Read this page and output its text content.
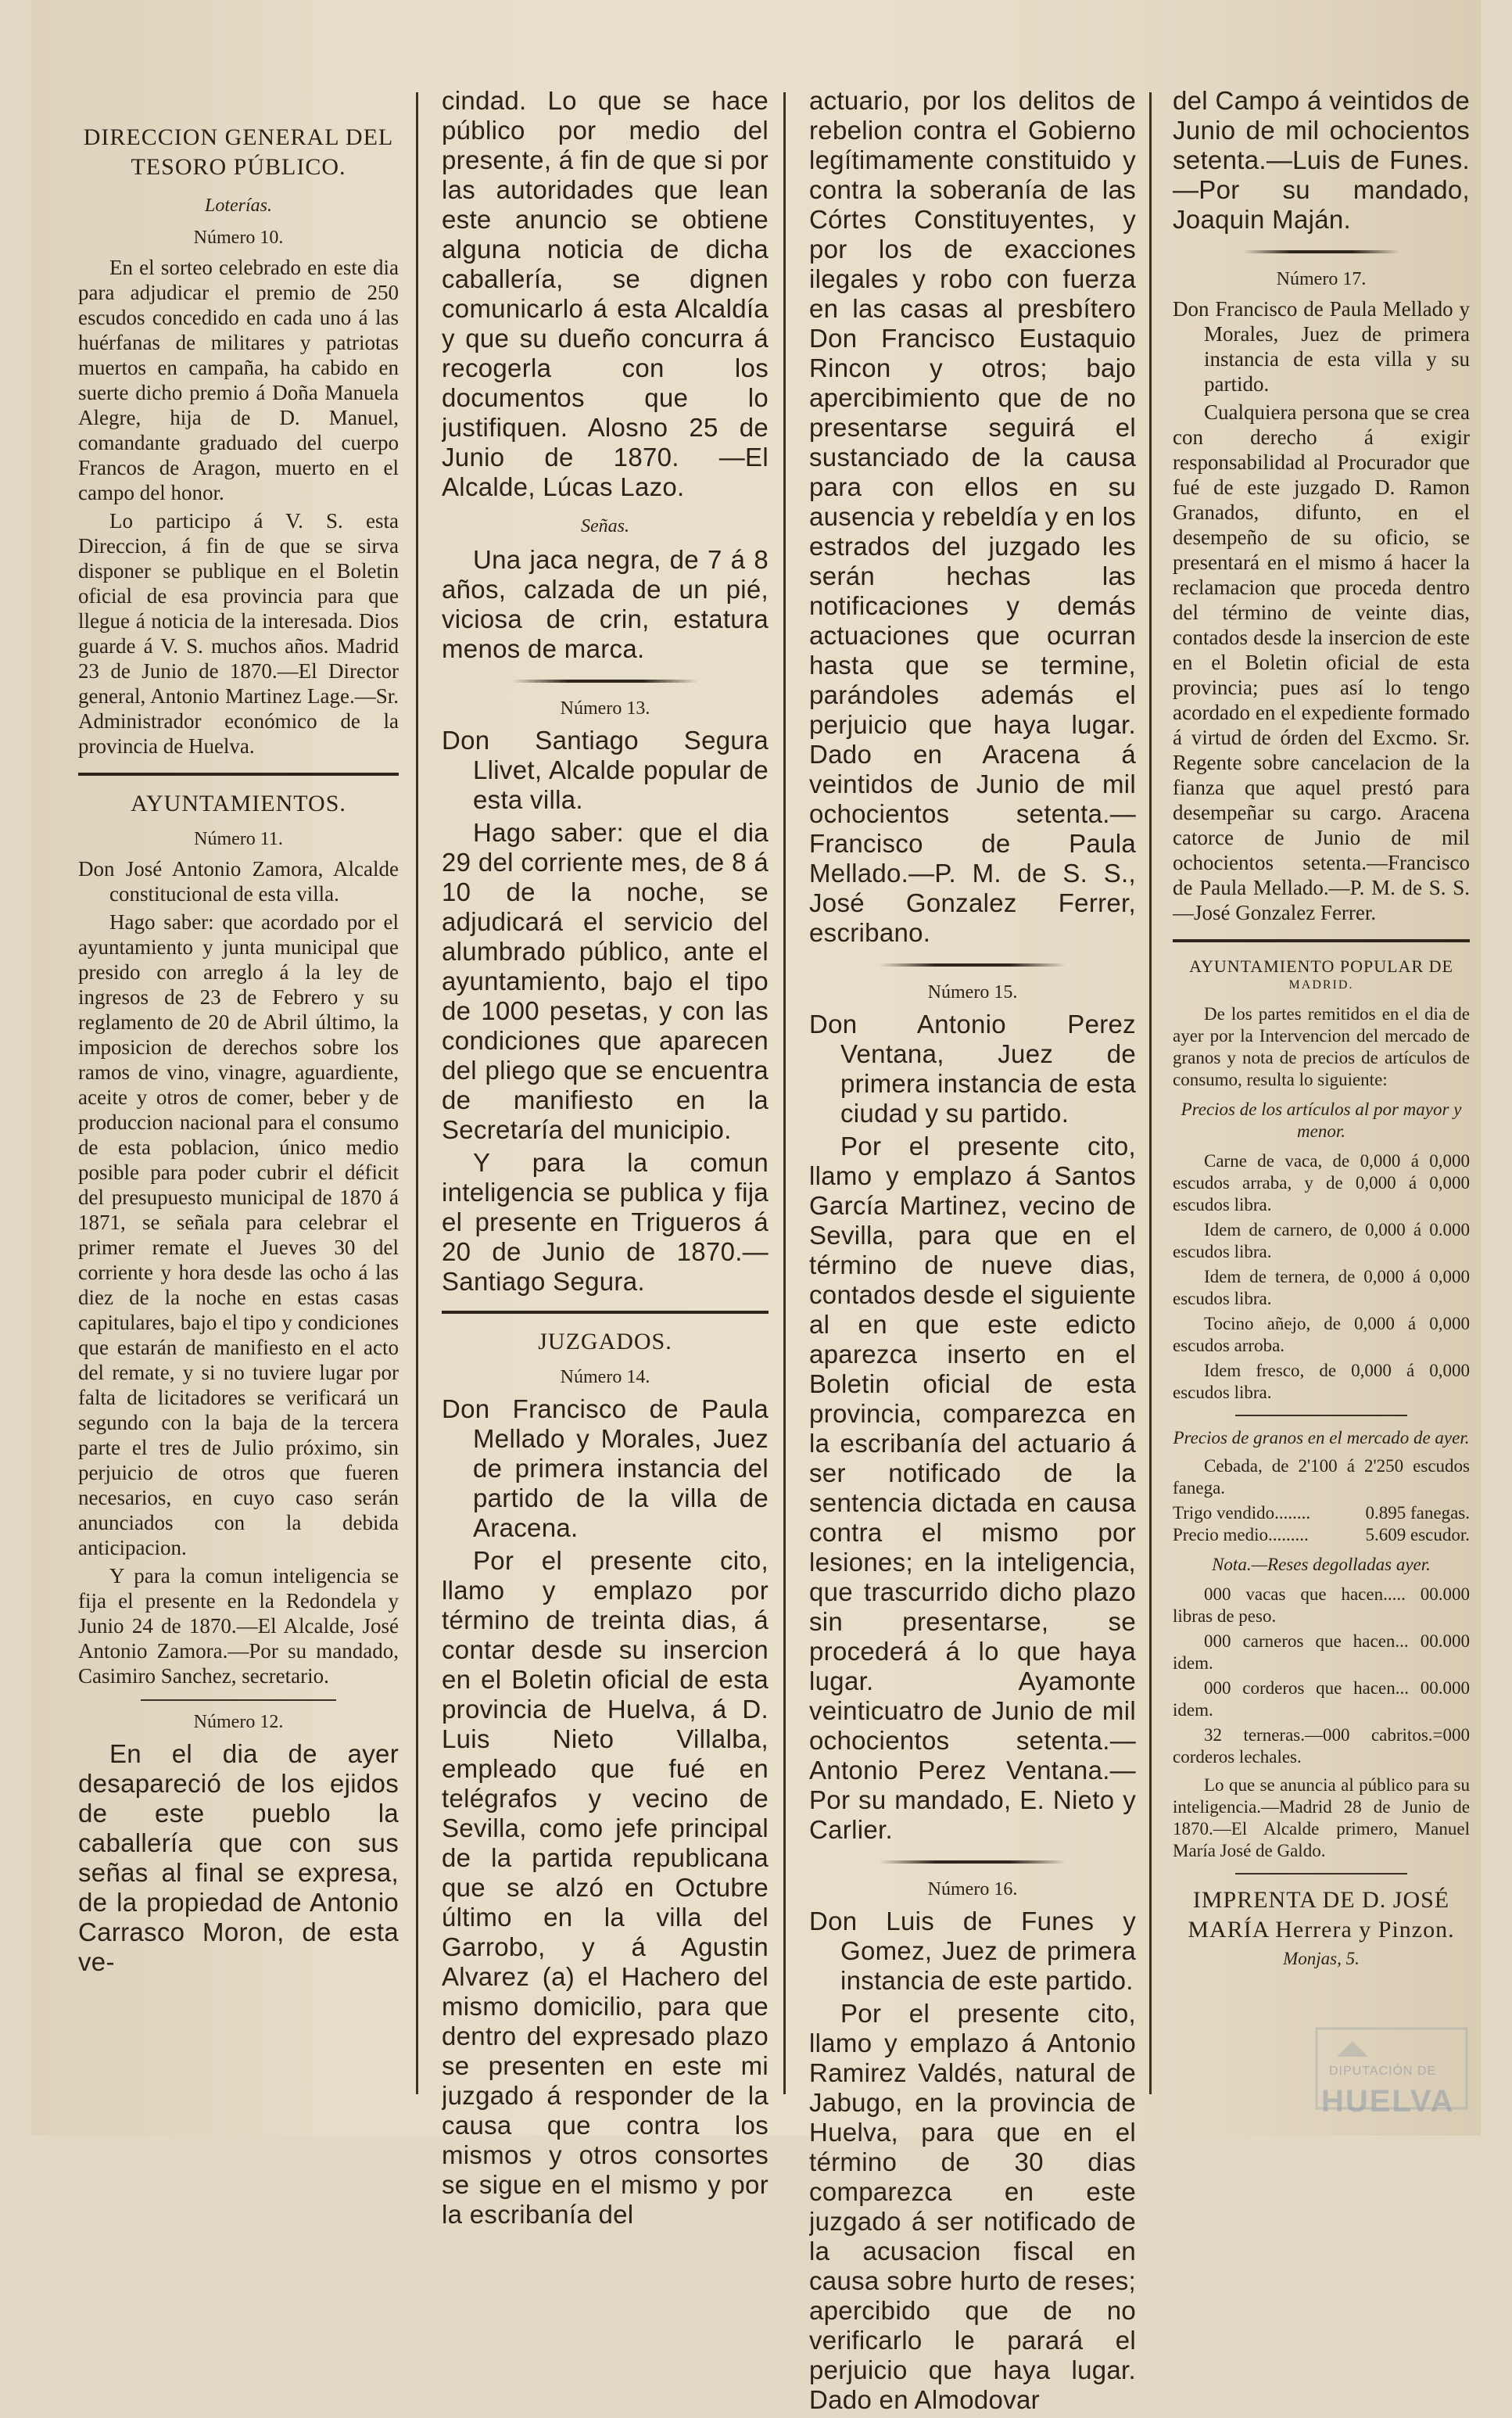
DIRECCION GENERAL DEL
TESORO PÚBLICO.
Loterías.
Número 10.

En el sorteo celebrado en este dia para adjudicar el premio de 250 escudos concedido en cada uno á las huérfanas de militares y patriotas muertos en campaña, ha cabido en suerte dicho premio á Doña Manuela Alegre, hija de D. Manuel, comandante graduado del cuerpo Francos de Aragon, muerto en el campo del honor.

Lo participo á V. S. esta Direccion, á fin de que se sirva disponer se publique en el Boletin oficial de esa provincia para que llegue á noticia de la interesada. Dios guarde á V. S. muchos años. Madrid 23 de Junio de 1870.—El Director general, Antonio Martinez Lage.—Sr. Administrador económico de la provincia de Huelva.

AYUNTAMIENTOS.
Número 11.

Don José Antonio Zamora, Alcalde constitucional de esta villa.

Hago saber: que acordado por el ayuntamiento y junta municipal que presido con arreglo á la ley de ingresos de 23 de Febrero y su reglamento de 20 de Abril último, la imposicion de derechos sobre los ramos de vino, vinagre, aguardiente, aceite y otros de comer, beber y de produccion nacional para el consumo de esta poblacion, único medio posible para poder cubrir el déficit del presupuesto municipal de 1870 á 1871, se señala para celebrar el primer remate el Jueves 30 del corriente y hora desde las ocho á las diez de la noche en estas casas capitulares, bajo el tipo y condiciones que estarán de manifiesto en el acto del remate, y si no tuviere lugar por falta de licitadores se verificará un segundo con la baja de la tercera parte el tres de Julio próximo, sin perjuicio de otros que fueren necesarios, en cuyo caso serán anunciados con la debida anticipacion.

Y para la comun inteligencia se fija el presente en la Redondela y Junio 24 de 1870.—El Alcalde, José Antonio Zamora.—Por su mandado, Casimiro Sanchez, secretario.

Número 12.

En el dia de ayer desapareció de los ejidos de este pueblo la caballería que con sus señas al final se expresa, de la propiedad de Antonio Carrasco Moron, de esta ve-

cindad. Lo que se hace público por medio del presente, á fin de que si por las autoridades que lean este anuncio se obtiene alguna noticia de dicha caballería, se dignen comunicarlo á esta Alcaldía y que su dueño concurra á recogerla con los documentos que lo justifiquen. Alosno 25 de Junio de 1870. —El Alcalde, Lúcas Lazo.

Señas.

Una jaca negra, de 7 á 8 años, calzada de un pié, viciosa de crin, estatura menos de marca.

Número 13.

Don Santiago Segura Llivet, Alcalde popular de esta villa.

Hago saber: que el dia 29 del corriente mes, de 8 á 10 de la noche, se adjudicará el servicio del alumbrado público, ante el ayuntamiento, bajo el tipo de 1000 pesetas, y con las condiciones que aparecen del pliego que se encuentra de manifiesto en la Secretaría del municipio.

Y para la comun inteligencia se publica y fija el presente en Trigueros á 20 de Junio de 1870.—Santiago Segura.

JUZGADOS.
Número 14.

Don Francisco de Paula Mellado y Morales, Juez de primera instancia del partido de la villa de Aracena.

Por el presente cito, llamo y emplazo por término de treinta dias, á contar desde su insercion en el Boletin oficial de esta provincia de Huelva, á D. Luis Nieto Villalba, empleado que fué en telégrafos y vecino de Sevilla, como jefe principal de la partida republicana que se alzó en Octubre último en la villa del Garrobo, y á Agustin Alvarez (a) el Hachero del mismo domicilio, para que dentro del expresado plazo se presenten en este mi juzgado á responder de la causa que contra los mismos y otros consortes se sigue en el mismo y por la escribanía del

actuario, por los delitos de rebelion contra el Gobierno legítimamente constituido y contra la soberanía de las Córtes Constituyentes, y por los de exacciones ilegales y robo con fuerza en las casas al presbítero Don Francisco Eustaquio Rincon y otros; bajo apercibimiento que de no presentarse seguirá el sustanciado de la causa para con ellos en su ausencia y rebeldía y en los estrados del juzgado les serán hechas las notificaciones y demás actuaciones que ocurran hasta que se termine, parándoles además el perjuicio que haya lugar. Dado en Aracena á veintidos de Junio de mil ochocientos setenta.—Francisco de Paula Mellado.—P. M. de S. S., José Gonzalez Ferrer, escribano.

Número 15.

Don Antonio Perez Ventana, Juez de primera instancia de esta ciudad y su partido.

Por el presente cito, llamo y emplazo á Santos García Martinez, vecino de Sevilla, para que en el término de nueve dias, contados desde el siguiente al en que este edicto aparezca inserto en el Boletin oficial de esta provincia, comparezca en la escribanía del actuario á ser notificado de la sentencia dictada en causa contra el mismo por lesiones; en la inteligencia, que trascurrido dicho plazo sin presentarse, se procederá á lo que haya lugar. Ayamonte veinticuatro de Junio de mil ochocientos setenta.—Antonio Perez Ventana.—Por su mandado, E. Nieto y Carlier.

Número 16.

Don Luis de Funes y Gomez, Juez de primera instancia de este partido.

Por el presente cito, llamo y emplazo á Antonio Ramirez Valdés, natural de Jabugo, en la provincia de Huelva, para que en el término de 30 dias comparezca en este juzgado á ser notificado de la acusacion fiscal en causa sobre hurto de reses; apercibido que de no verificarlo le parará el perjuicio que haya lugar. Dado en Almodovar

del Campo á veintidos de Junio de mil ochocientos setenta.—Luis de Funes.—Por su mandado, Joaquin Maján.

Número 17.

Don Francisco de Paula Mellado y Morales, Juez de primera instancia de esta villa y su partido.

Cualquiera persona que se crea con derecho á exigir responsabilidad al Procurador que fué de este juzgado D. Ramon Granados, difunto, en el desempeño de su oficio, se presentará en el mismo á hacer la reclamacion que proceda dentro del término de veinte dias, contados desde la insercion de este en el Boletin oficial de esta provincia; pues así lo tengo acordado en el expediente formado á virtud de órden del Excmo. Sr. Regente sobre cancelacion de la fianza que aquel prestó para desempeñar su cargo. Aracena catorce de Junio de mil ochocientos setenta.—Francisco de Paula Mellado.—P. M. de S. S.—José Gonzalez Ferrer.

AYUNTAMIENTO POPULAR DE
MADRID.

De los partes remitidos en el dia de ayer por la Intervencion del mercado de granos y nota de precios de artículos de consumo, resulta lo siguiente:

Precios de los artículos al por mayor y menor.

Carne de vaca, de 0,000 á 0,000 escudos arraba, y de 0,000 á 0,000 escudos libra.

Idem de carnero, de 0,000 á 0.000 escudos libra.

Idem de ternera, de 0,000 á 0,000 escudos libra.

Tocino añejo, de 0,000 á 0,000 escudos arroba.

Idem fresco, de 0,000 á 0,000 escudos libra.

Precios de granos en el mercado de ayer.

Cebada, de 2'100 á 2'250 escudos fanega.

Trigo vendido........	0.895 fanegas.
Precio medio.........	5.609 escudor.

Nota.—Reses degolladas ayer.

000 vacas que hacen..... 00.000 libras de peso.

000 carneros que hacen... 00.000 idem.

000 corderos que hacen... 00.000 idem.

32 terneras.—000 cabritos.=000 corderos lechales.

Lo que se anuncia al público para su inteligencia.—Madrid 28 de Junio de 1870.—El Alcalde primero, Manuel María José de Galdo.

IMPRENTA DE D. JOSÉ MARÍA Herrera y Pinzon.

Monjas, 5.

DIPUTACIÓN DE
HUELVA
